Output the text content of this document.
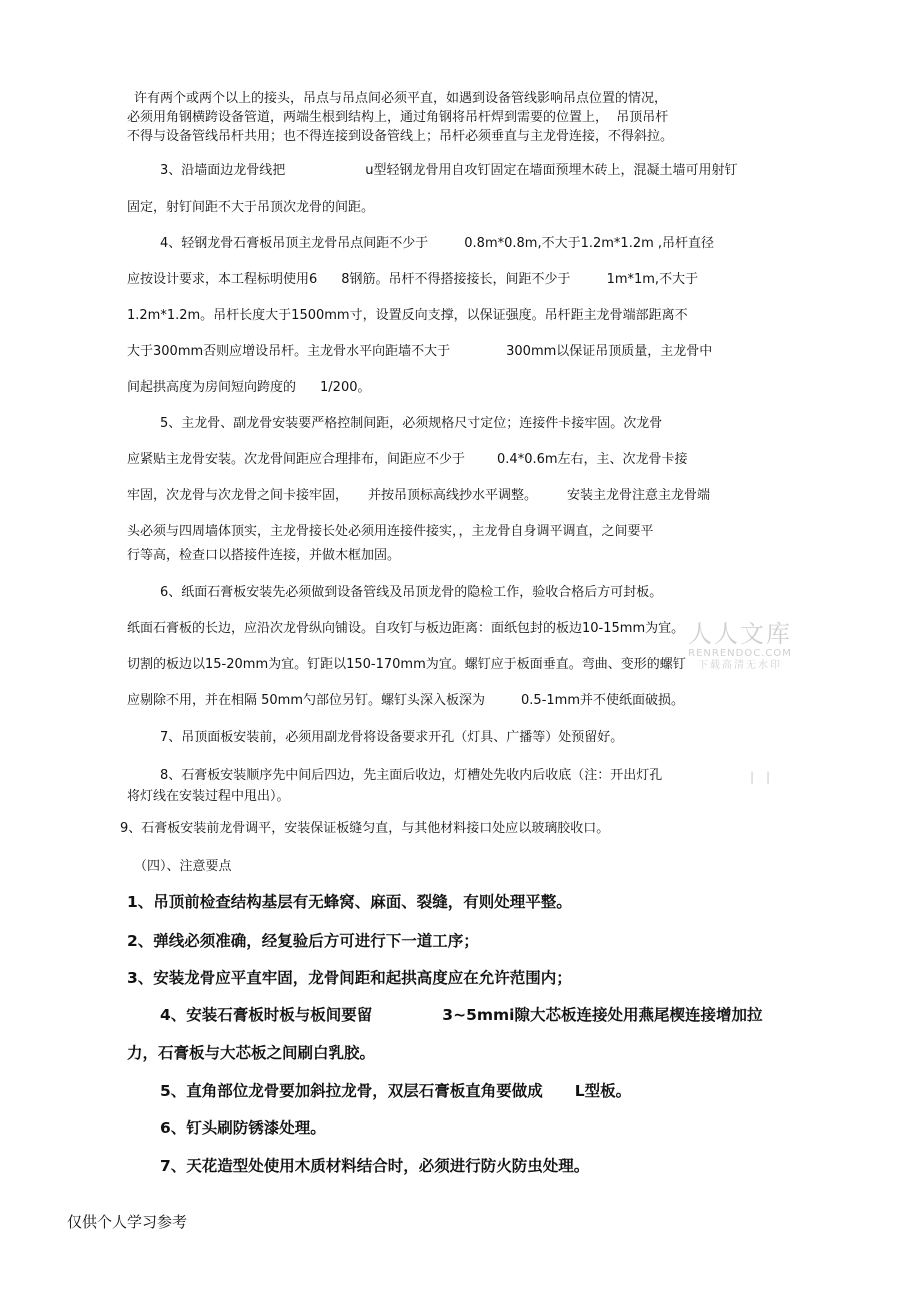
人人文库
RENRENDOC.COM
下载高清无水印
许有两个或两个以上的接头，吊点与吊点间必须平直，如遇到设备管线影响吊点位置的情况，
必须用角钢横跨设备管道，两端生根到结构上，通过角钢将吊杆焊到需要的位置上，  吊顶吊杆
不得与设备管线吊杆共用；也不得连接到设备管线上；吊杆必须垂直与主龙骨连接，不得斜拉。
3、沿墙面边龙骨线把	u型轻钢龙骨用自攻钉固定在墙面预埋木砖上，混凝土墙可用射钉
固定，射钉间距不大于吊顶次龙骨的间距。
4、轻钢龙骨石膏板吊顶主龙骨吊点间距不少于	0.8m*0.8m,不大于1.2m*1.2m ,吊杆直径
应按设计要求，本工程标明使用6 8钢筋。吊杆不得搭接接长，间距不少于	1m*1m,不大于
1.2m*1.2m。吊杆长度大于1500mm寸，设置反向支撑，以保证强度。吊杆距主龙骨端部距离不
大于300mm否则应增设吊杆。主龙骨水平向距墙不大于	300mm以保证吊顶质量，主龙骨中
间起拱高度为房间短向跨度的 1/200。
5、主龙骨、副龙骨安装要严格控制间距，必须规格尺寸定位；连接件卡接牢固。次龙骨
应紧贴主龙骨安装。次龙骨间距应合理排布，间距应不少于 0.4*0.6m左右，主、次龙骨卡接
牢固，次龙骨与次龙骨之间卡接牢固， 并按吊顶标高线抄水平调整。 安装主龙骨注意主龙骨端
头必须与四周墙体顶实，主龙骨接长处必须用连接件接实，，主龙骨自身调平调直，之间要平
行等高，检查口以搭接件连接，并做木框加固。
6、纸面石膏板安装先必须做到设备管线及吊顶龙骨的隐检工作，验收合格后方可封板。
纸面石膏板的长边，应沿次龙骨纵向铺设。自攻钉与板边距离：面纸包封的板边10-15mm为宜。
切割的板边以15-20mm为宜。钉距以150-170mm为宜。螺钉应于板面垂直。弯曲、变形的螺钉
应剔除不用，并在相隔 50mm勺部位另钉。螺钉头深入板深为	0.5-1mm并不使纸面破损。
7、吊顶面板安装前，必须用副龙骨将设备要求开孔（灯具、广播等）处预留好。
8、石膏板安装顺序先中间后四边，先主面后收边，灯槽处先收内后收底（注：开出灯孔	| |
将灯线在安装过程中甩出）。
9、石膏板安装前龙骨调平，安装保证板缝匀直，与其他材料接口处应以玻璃胶收口。
（四）、注意要点
1、吊顶前检查结构基层有无蜂窝、麻面、裂缝，有则处理平整。
2、弹线必须准确，经复验后方可进行下一道工序；
3、安装龙骨应平直牢固，龙骨间距和起拱高度应在允许范围内；
4、安装石膏板时板与板间要留	3~5mmi隙大芯板连接处用燕尾楔连接增加拉
力，石膏板与大芯板之间刷白乳胶。
5、直角部位龙骨要加斜拉龙骨，双层石膏板直角要做成 L型板。
6、钉头刷防锈漆处理。
7、天花造型处使用木质材料结合时，必须进行防火防虫处理。
仅供个人学习参考
